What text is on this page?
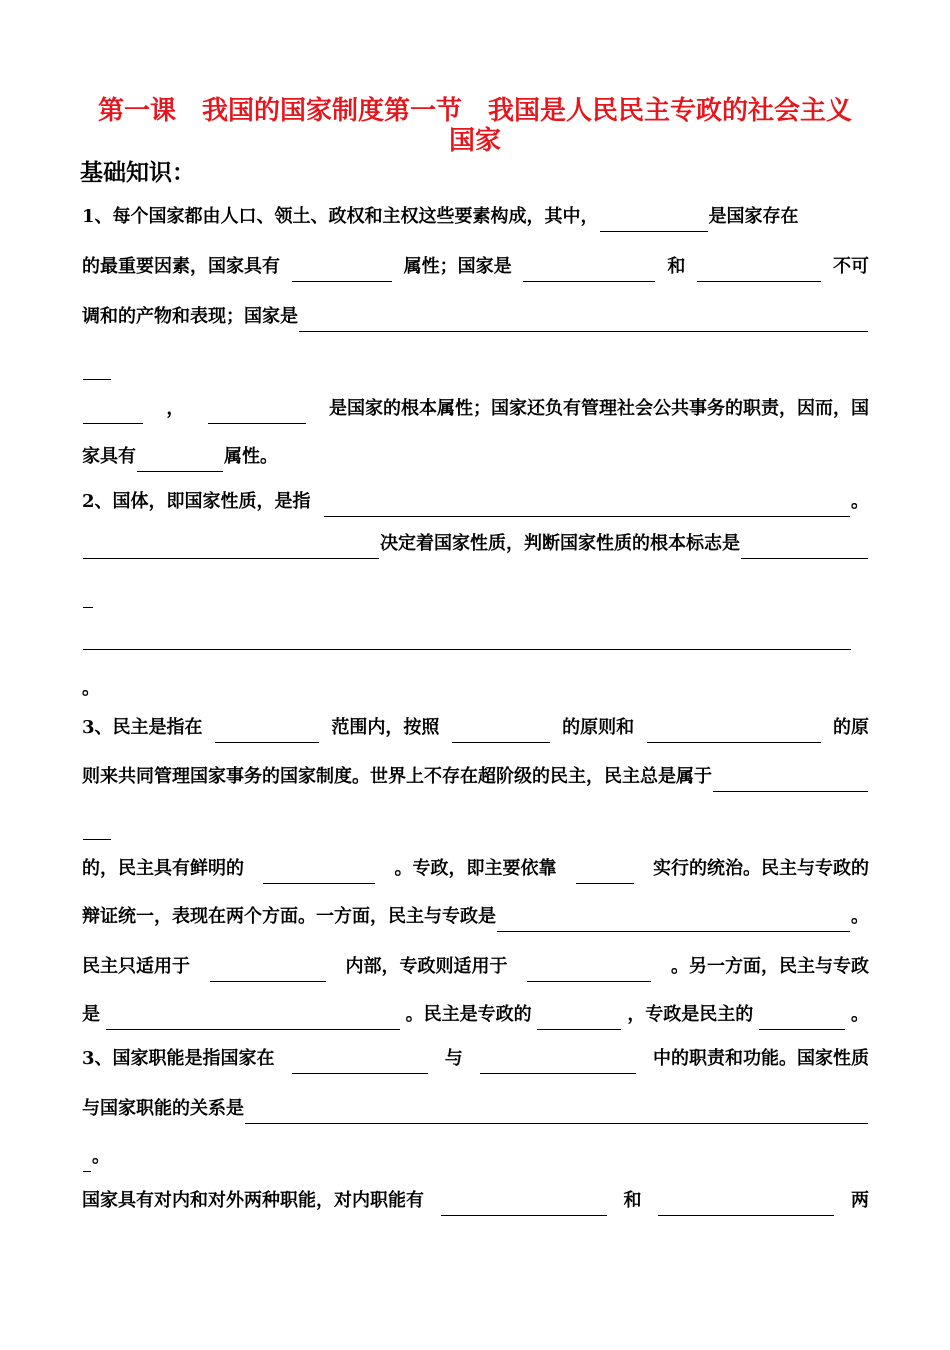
第一课　我国的国家制度第一节　我国是人民民主专政的社会主义
国家
基础知识：
1、每个国家都由人口、领土、政权和主权这些要素构成，其中，	是国家存在
的最重要因素，国家具有	属性；国家是	和	不可
调和的产物和表现；国家是
，	是国家的根本属性；国家还负有管理社会公共事务的职责，因而，国
家具有	属性。
2、国体，即国家性质，是指	。
决定着国家性质，判断国家性质的根本标志是
。
3、民主是指在	范围内，按照	的原则和	的原
则来共同管理国家事务的国家制度。世界上不存在超阶级的民主，民主总是属于
的，民主具有鲜明的	。专政，即主要依靠	实行的统治。民主与专政的
辩证统一，表现在两个方面。一方面，民主与专政是	。
民主只适用于	内部，专政则适用于	。另一方面，民主与专政
是	。民主是专政的	，专政是民主的	。
3、国家职能是指国家在	与	中的职责和功能。国家性质
与国家职能的关系是
。
国家具有对内和对外两种职能，对内职能有	和	两
